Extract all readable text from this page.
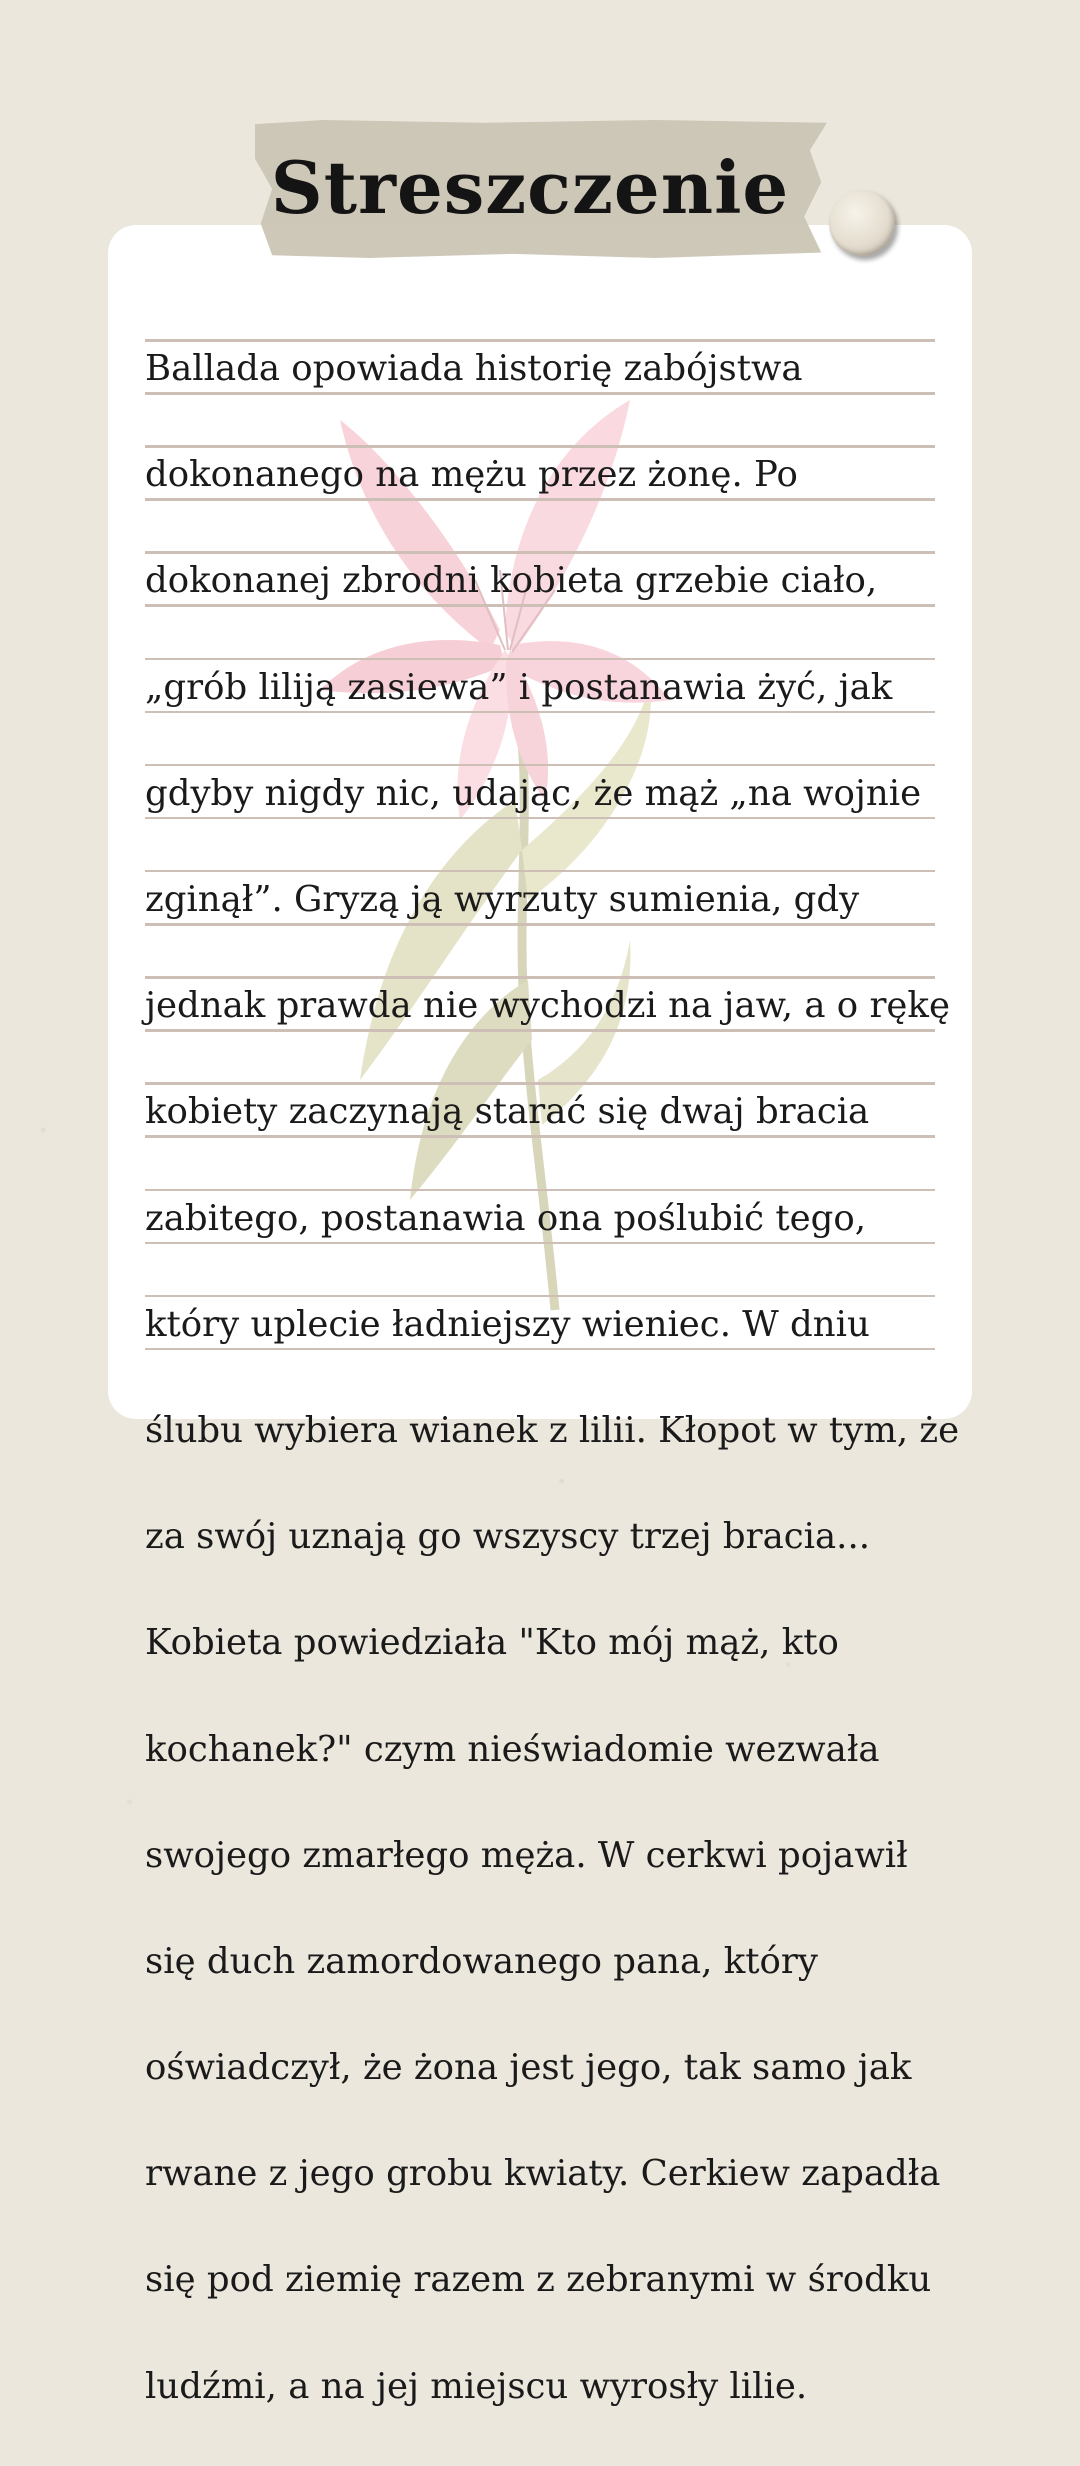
Streszczenie

Ballada opowiada historię zabójstwa

dokonanego na mężu przez żonę. Po

dokonanej zbrodni kobieta grzebie ciało,

„grób liliją zasiewa” i postanawia żyć, jak

gdyby nigdy nic, udając, że mąż „na wojnie

zginął”. Gryzą ją wyrzuty sumienia, gdy

jednak prawda nie wychodzi na jaw, a o rękę

kobiety zaczynają starać się dwaj bracia

zabitego, postanawia ona poślubić tego,

który uplecie ładniejszy wieniec. W dniu

ślubu wybiera wianek z lilii. Kłopot w tym, że

za swój uznają go wszyscy trzej bracia...

Kobieta powiedziała "Kto mój mąż, kto

kochanek?" czym nieświadomie wezwała

swojego zmarłego męża. W cerkwi pojawił

się duch zamordowanego pana, który

oświadczył, że żona jest jego, tak samo jak

rwane z jego grobu kwiaty. Cerkiew zapadła

się pod ziemię razem z zebranymi w środku

ludźmi, a na jej miejscu wyrosły lilie.
